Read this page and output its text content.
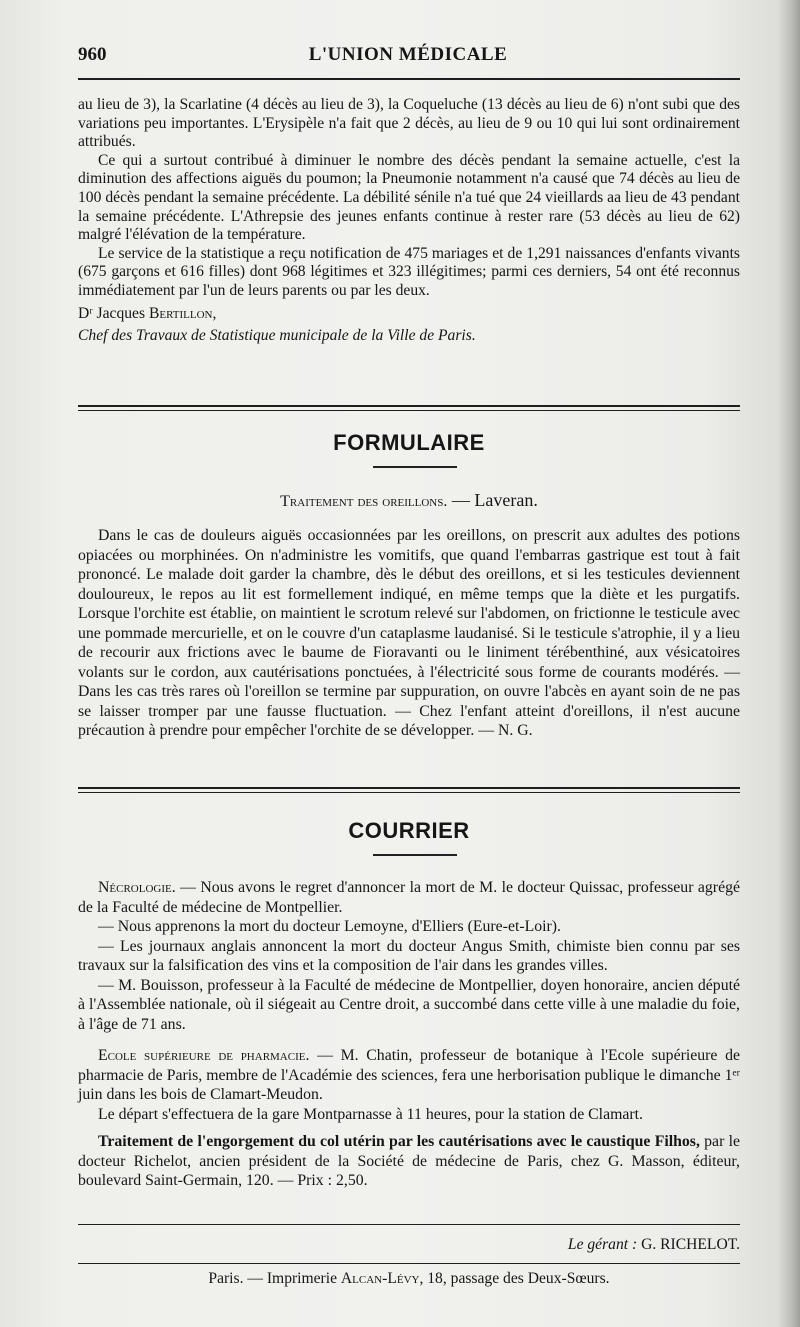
L'UNION MÉDICALE
960

au lieu de 3), la Scarlatine (4 décès au lieu de 3), la Coqueluche (13 décès au lieu de 6) n'ont subi que des variations peu importantes. L'Erysipèle n'a fait que 2 décès, au lieu de 9 ou 10 qui lui sont ordinairement attribués.

Ce qui a surtout contribué à diminuer le nombre des décès pendant la semaine actuelle, c'est la diminution des affections aiguës du poumon; la Pneumonie notamment n'a causé que 74 décès au lieu de 100 décès pendant la semaine précédente. La débilité sénile n'a tué que 24 vieillards aa lieu de 43 pendant la semaine précédente. L'Athrepsie des jeunes enfants continue à rester rare (53 décès au lieu de 62) malgré l'élévation de la température.

Le service de la statistique a reçu notification de 475 mariages et de 1,291 naissances d'enfants vivants (675 garçons et 616 filles) dont 968 légitimes et 323 illégitimes; parmi ces derniers, 54 ont été reconnus immédiatement par l'un de leurs parents ou par les deux.

Dʳ Jacques Bertillon,

Chef des Travaux de Statistique municipale de la Ville de Paris.

FORMULAIRE
Traitement des oreillons. — Laveran.

Dans le cas de douleurs aiguës occasionnées par les oreillons, on prescrit aux adultes des potions opiacées ou morphinées. On n'administre les vomitifs, que quand l'embarras gastrique est tout à fait prononcé. Le malade doit garder la chambre, dès le début des oreillons, et si les testicules deviennent douloureux, le repos au lit est formellement indiqué, en même temps que la diète et les purgatifs. Lorsque l'orchite est établie, on maintient le scrotum relevé sur l'abdomen, on frictionne le testicule avec une pommade mercurielle, et on le couvre d'un cataplasme laudanisé. Si le testicule s'atrophie, il y a lieu de recourir aux frictions avec le baume de Fioravanti ou le liniment térébenthiné, aux vésicatoires volants sur le cordon, aux cautérisations ponctuées, à l'électricité sous forme de courants modérés. — Dans les cas très rares où l'oreillon se termine par suppuration, on ouvre l'abcès en ayant soin de ne pas se laisser tromper par une fausse fluctuation. — Chez l'enfant atteint d'oreillons, il n'est aucune précaution à prendre pour empêcher l'orchite de se développer. — N. G.

COURRIER

Nécrologie. — Nous avons le regret d'annoncer la mort de M. le docteur Quissac, professeur agrégé de la Faculté de médecine de Montpellier.

— Nous apprenons la mort du docteur Lemoyne, d'Elliers (Eure-et-Loir).

— Les journaux anglais annoncent la mort du docteur Angus Smith, chimiste bien connu par ses travaux sur la falsification des vins et la composition de l'air dans les grandes villes.

— M. Bouisson, professeur à la Faculté de médecine de Montpellier, doyen honoraire, ancien député à l'Assemblée nationale, où il siégeait au Centre droit, a succombé dans cette ville à une maladie du foie, à l'âge de 71 ans.

Ecole supérieure de pharmacie. — M. Chatin, professeur de botanique à l'Ecole supérieure de pharmacie de Paris, membre de l'Académie des sciences, fera une herborisation publique le dimanche 1ᵉʳ juin dans les bois de Clamart-Meudon.

Le départ s'effectuera de la gare Montparnasse à 11 heures, pour la station de Clamart.

Traitement de l'engorgement du col utérin par les cautérisations avec le caustique Filhos, par le docteur Richelot, ancien président de la Société de médecine de Paris, chez G. Masson, éditeur, boulevard Saint-Germain, 120. — Prix : 2,50.

Le gérant : G. RICHELOT.
Paris. — Imprimerie Alcan-Lévy, 18, passage des Deux-Sœurs.
